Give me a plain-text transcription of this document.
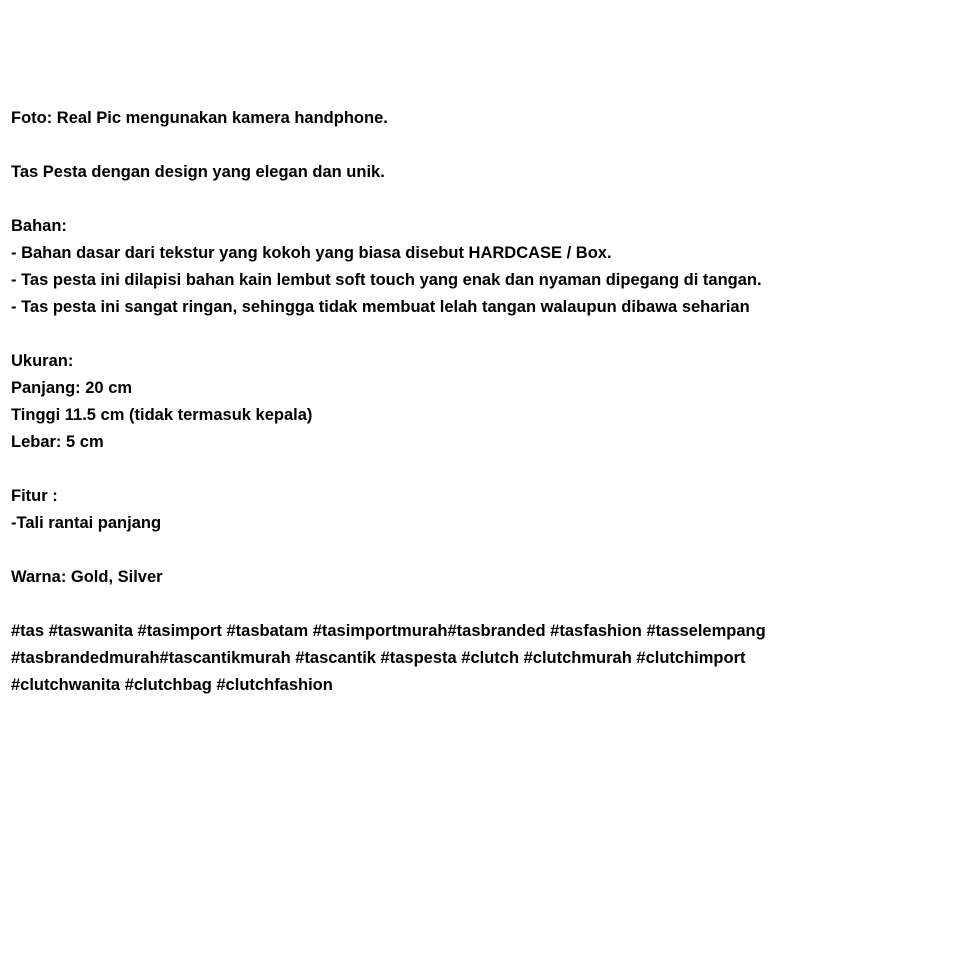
Foto: Real Pic mengunakan kamera handphone.
Tas Pesta dengan design yang elegan dan unik.
Bahan:
- Bahan dasar dari tekstur yang kokoh yang biasa disebut HARDCASE / Box.
- Tas pesta ini dilapisi bahan kain lembut soft touch yang enak dan nyaman dipegang di tangan.
- Tas pesta ini sangat ringan, sehingga tidak membuat lelah tangan walaupun dibawa seharian
Ukuran:
Panjang: 20 cm
Tinggi 11.5 cm (tidak termasuk kepala)
Lebar: 5 cm
Fitur :
-Tali rantai panjang
Warna: Gold, Silver
#tas #taswanita #tasimport #tasbatam #tasimportmurah#tasbranded #tasfashion #tasselempang
#tasbrandedmurah#tascantikmurah #tascantik #taspesta #clutch #clutchmurah #clutchimport
#clutchwanita #clutchbag #clutchfashion
